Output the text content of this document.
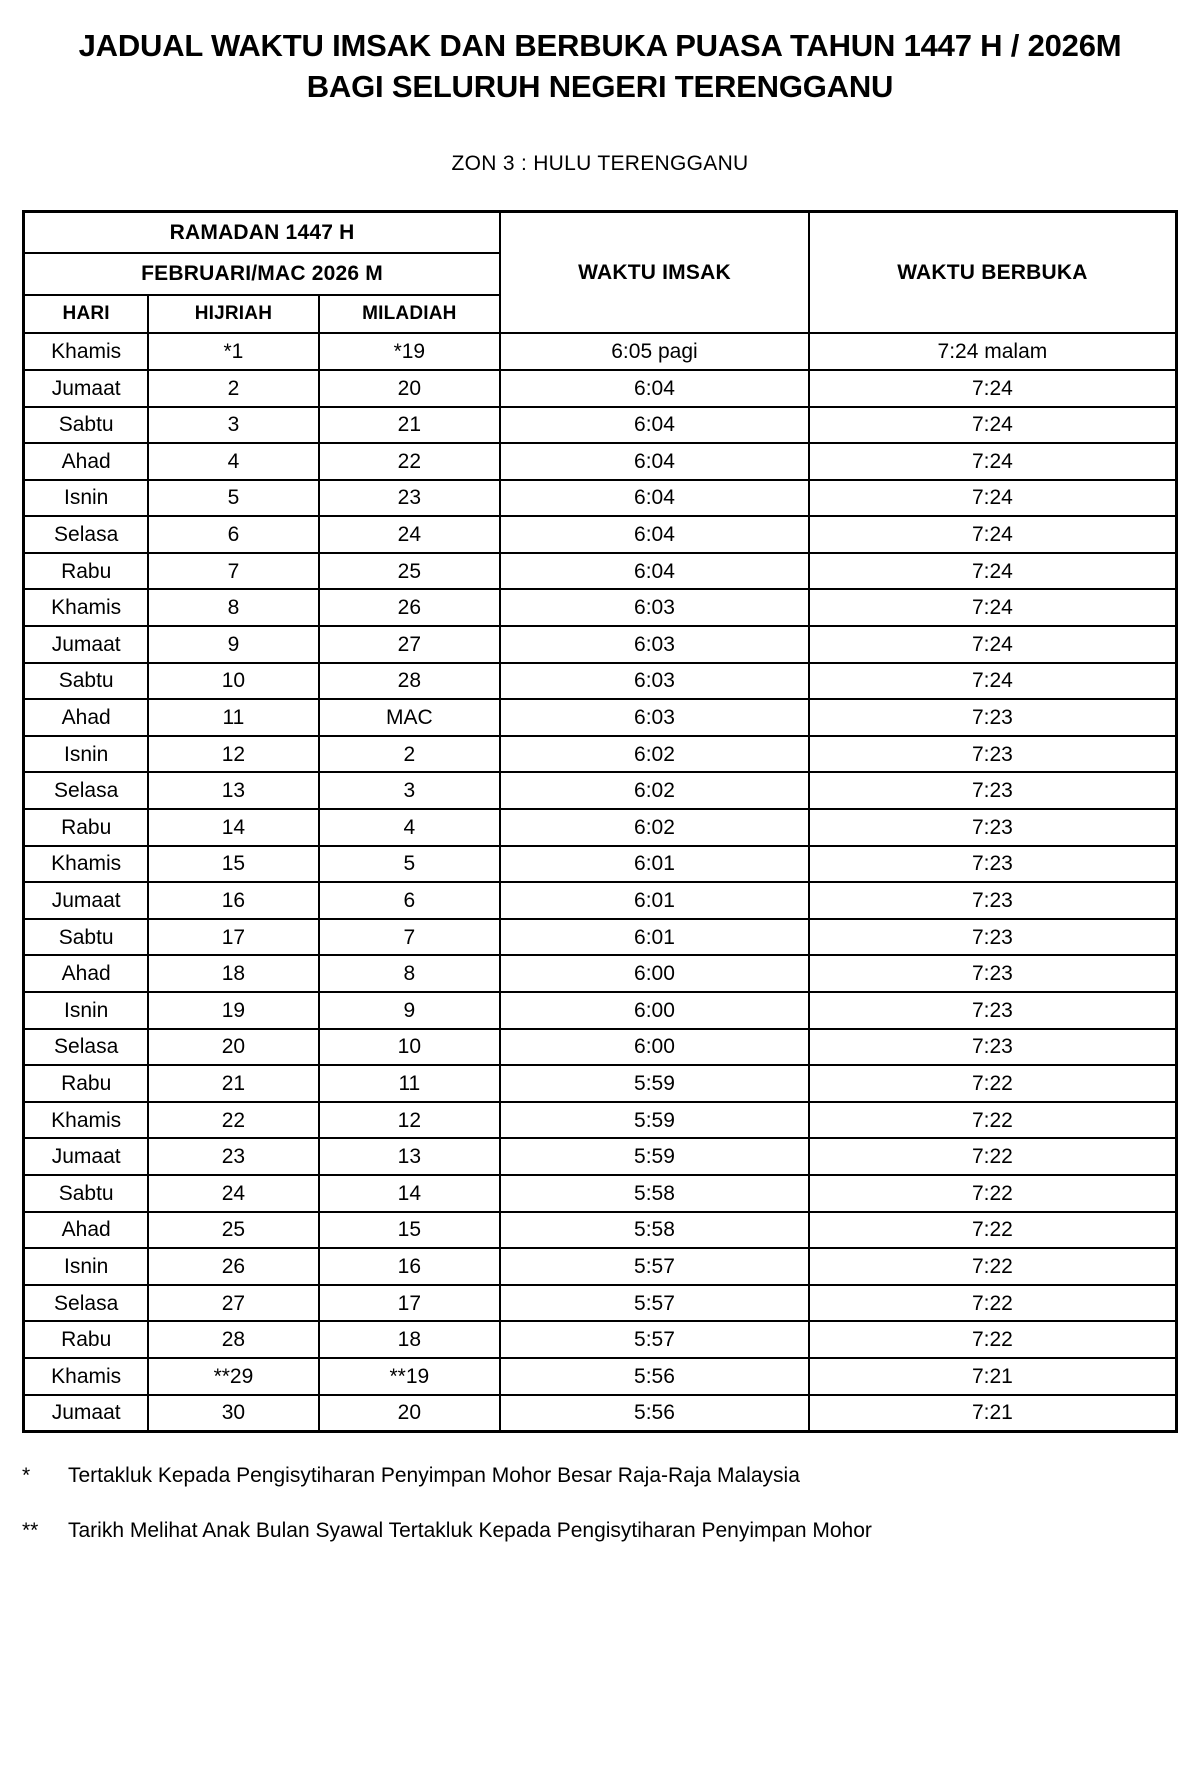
JADUAL WAKTU IMSAK DAN BERBUKA PUASA TAHUN 1447 H / 2026M
BAGI SELURUH NEGERI TERENGGANU
ZON 3 : HULU TERENGGANU
RAMADAN 1447 H			WAKTU IMSAK	WAKTU BERBUKA
FEBRUARI/MAC 2026 M				
HARI	HIJRIAH	MILADIAH		
Khamis	*1	*19	6:05 pagi	7:24 malam
Jumaat	2	20	6:04	7:24
Sabtu	3	21	6:04	7:24
Ahad	4	22	6:04	7:24
Isnin	5	23	6:04	7:24
Selasa	6	24	6:04	7:24
Rabu	7	25	6:04	7:24
Khamis	8	26	6:03	7:24
Jumaat	9	27	6:03	7:24
Sabtu	10	28	6:03	7:24
Ahad	11	MAC	6:03	7:23
Isnin	12	2	6:02	7:23
Selasa	13	3	6:02	7:23
Rabu	14	4	6:02	7:23
Khamis	15	5	6:01	7:23
Jumaat	16	6	6:01	7:23
Sabtu	17	7	6:01	7:23
Ahad	18	8	6:00	7:23
Isnin	19	9	6:00	7:23
Selasa	20	10	6:00	7:23
Rabu	21	11	5:59	7:22
Khamis	22	12	5:59	7:22
Jumaat	23	13	5:59	7:22
Sabtu	24	14	5:58	7:22
Ahad	25	15	5:58	7:22
Isnin	26	16	5:57	7:22
Selasa	27	17	5:57	7:22
Rabu	28	18	5:57	7:22
Khamis	**29	**19	5:56	7:21
Jumaat	30	20	5:56	7:21
*	Tertakluk Kepada Pengisytiharan Penyimpan Mohor Besar Raja-Raja Malaysia
**	Tarikh Melihat Anak Bulan Syawal Tertakluk Kepada Pengisytiharan Penyimpan Mohor
